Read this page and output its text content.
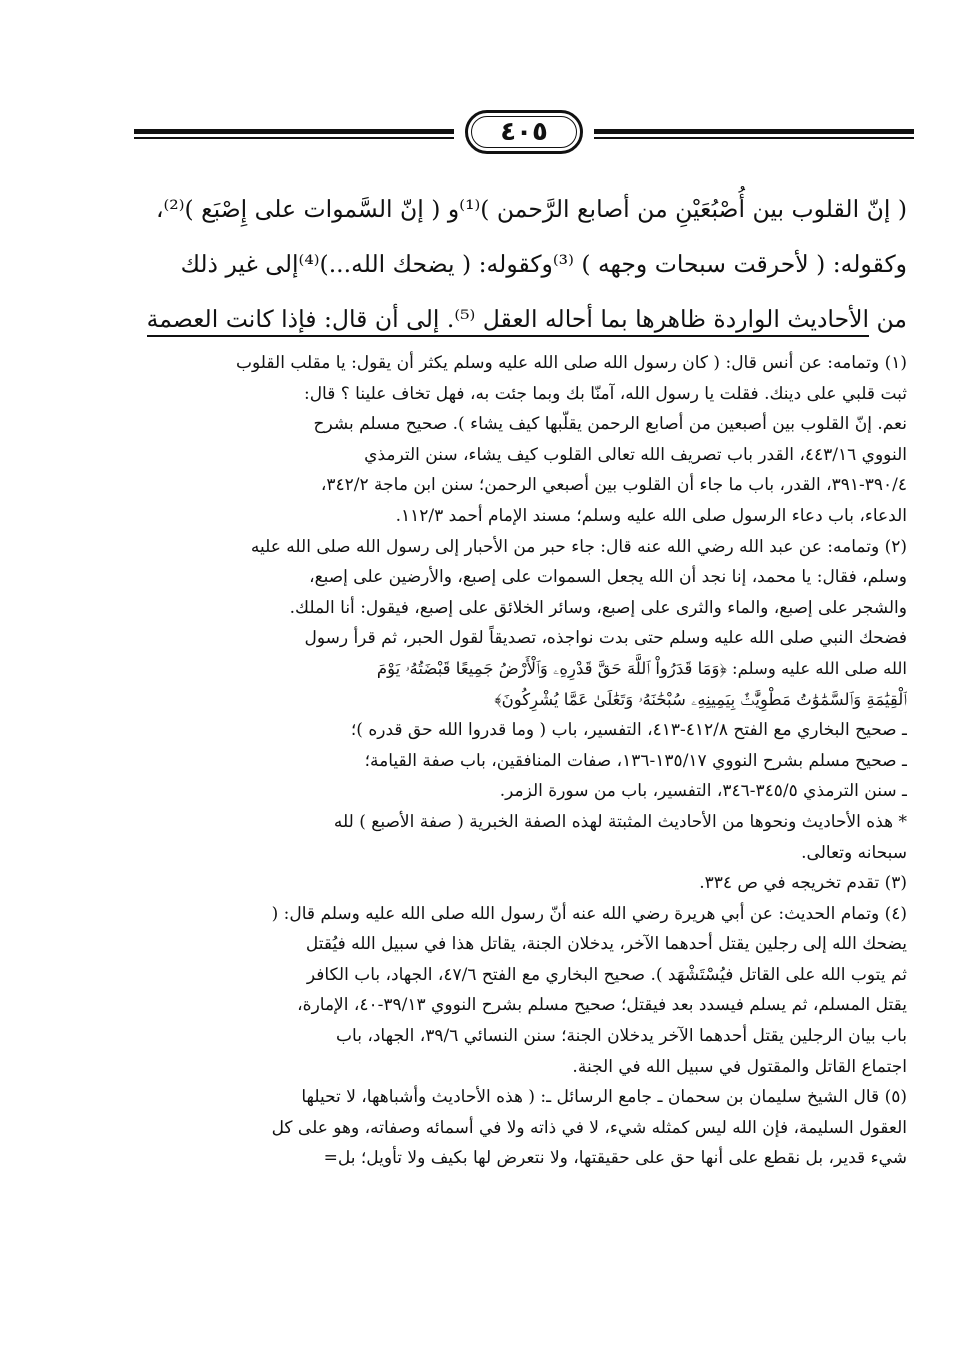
٤٠٥
( إنّ القلوب بين أُصْبُعَيْنِ من أصابع الرَّحمن )⁽¹⁾و ( إنّ السَّموات على إِصْبَع )⁽²⁾،
وكقوله: ( لأحرقت سبحات وجهه ) ⁽³⁾وكقوله: ( يضحك الله...)⁽⁴⁾إلى غير ذلك
من الأحاديث الواردة ظاهرها بما أحاله العقل ⁽⁵⁾. إلى أن قال: فإذا كانت العصمة
(١) وتمامه: عن أنس قال: ( كان رسول الله صلى الله عليه وسلم يكثر أن يقول: يا مقلب القلوب
ثبت قلبي على دينك. فقلت يا رسول الله، آمنّا بك وبما جئت به، فهل تخاف علينا ؟ قال:
نعم. إنّ القلوب بين أصبعين من أصابع الرحمن يقلّبها كيف يشاء ). صحيح مسلم بشرح
النووي ٤٤٣/١٦، القدر باب تصريف الله تعالى القلوب كيف يشاء، سنن الترمذي
٣٩٠/٤-٣٩١، القدر، باب ما جاء أن القلوب بين أصبعي الرحمن؛ سنن ابن ماجة ٣٤٢/٢،
الدعاء، باب دعاء الرسول صلى الله عليه وسلم؛ مسند الإمام أحمد ١١٢/٣.
(٢) وتمامه: عن عبد الله رضي الله عنه قال: جاء حبر من الأحبار إلى رسول الله صلى الله عليه
وسلم، فقال: يا محمد، إنا نجد أن الله يجعل السموات على إصبع، والأرضين على إصبع،
والشجر على إصبع، والماء والثرى على إصبع، وسائر الخلائق على إصبع، فيقول: أنا الملك.
فضحك النبي صلى الله عليه وسلم حتى بدت نواجذه، تصديقاً لقول الحبر، ثم قرأ رسول
الله صلى الله عليه وسلم: ﴿وَمَا قَدَرُواْ ٱللَّهَ حَقَّ قَدْرِهِۦ وَٱلْأَرْضُ جَمِيعًا قَبْضَتُهُۥ يَوْمَ
ٱلْقِيَٰمَةِ وَٱلسَّمَٰوَٰتُ مَطْوِيَّٰتٌۢ بِيَمِينِهِۦ سُبْحَٰنَهُۥ وَتَعَٰلَىٰ عَمَّا يُشْرِكُونَ﴾
ـ صحيح البخاري مع الفتح ٤١٢/٨-٤١٣، التفسير، باب ( وما قدروا الله حق قدره )؛
ـ صحيح مسلم بشرح النووي ١٣٥/١٧-١٣٦، صفات المنافقين، باب صفة القيامة؛
ـ سنن الترمذي ٣٤٥/٥-٣٤٦، التفسير، باب من سورة الزمر.
* هذه الأحاديث ونحوها من الأحاديث المثبتة لهذه الصفة الخبرية ( صفة الأصبع ) لله
سبحانه وتعالى.
(٣) تقدم تخريجه في ص ٣٣٤.
(٤) وتمام الحديث: عن أبي هريرة رضي الله عنه أنّ رسول الله صلى الله عليه وسلم قال: (
يضحك الله إلى رجلين يقتل أحدهما الآخر، يدخلان الجنة، يقاتل هذا في سبيل الله فيُقتل
ثم يتوب الله على القاتل فيُسْتَشْهَد ). صحيح البخاري مع الفتح ٤٧/٦، الجهاد، باب الكافر
يقتل المسلم، ثم يسلم فيسدد بعد فيقتل؛ صحيح مسلم بشرح النووي ٣٩/١٣-٤٠، الإمارة،
باب بيان الرجلين يقتل أحدهما الآخر يدخلان الجنة؛ سنن النسائي ٣٩/٦، الجهاد، باب
اجتماع القاتل والمقتول في سبيل الله في الجنة.
(٥) قال الشيخ سليمان بن سحمان ـ جامع الرسائل ـ: ( هذه الأحاديث وأشباهها، لا تحيلها
العقول السليمة، فإن الله ليس كمثله شيء، لا في ذاته ولا في أسمائه وصفاته، وهو على كل
شيء قدير، بل نقطع على أنها حق على حقيقتها، ولا نتعرض لها بكيف ولا تأويل؛ بل=
